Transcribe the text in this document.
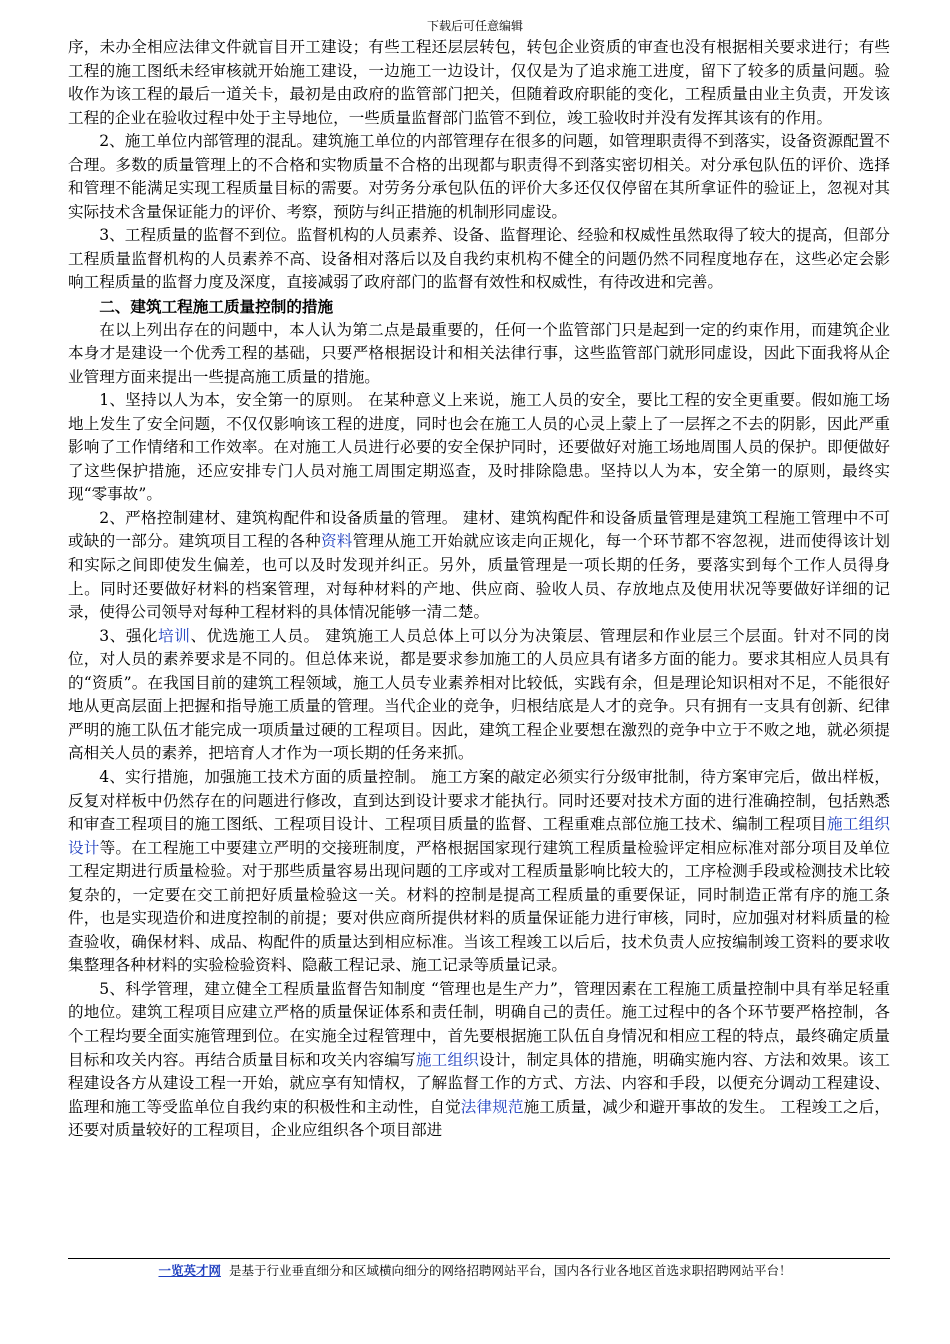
下载后可任意编辑

序，未办全相应法律文件就盲目开工建设；有些工程还层层转包，转包企业资质的审查也没有根据相关要求进行；有些工程的施工图纸未经审核就开始施工建设，一边施工一边设计，仅仅是为了追求施工进度，留下了较多的质量问题。验收作为该工程的最后一道关卡，最初是由政府的监管部门把关，但随着政府职能的变化，工程质量由业主负责，开发该工程的企业在验收过程中处于主导地位，一些质量监督部门监管不到位，竣工验收时并没有发挥其该有的作用。

2、施工单位内部管理的混乱。建筑施工单位的内部管理存在很多的问题，如管理职责得不到落实，设备资源配置不合理。多数的质量管理上的不合格和实物质量不合格的出现都与职责得不到落实密切相关。对分承包队伍的评价、选择和管理不能满足实现工程质量目标的需要。对劳务分承包队伍的评价大多还仅仅停留在其所拿证件的验证上，忽视对其实际技术含量保证能力的评价、考察，预防与纠正措施的机制形同虚设。

3、工程质量的监督不到位。监督机构的人员素养、设备、监督理论、经验和权威性虽然取得了较大的提高，但部分工程质量监督机构的人员素养不高、设备相对落后以及自我约束机构不健全的问题仍然不同程度地存在，这些必定会影响工程质量的监督力度及深度，直接减弱了政府部门的监督有效性和权威性，有待改进和完善。

二、建筑工程施工质量控制的措施

在以上列出存在的问题中，本人认为第二点是最重要的，任何一个监管部门只是起到一定的约束作用，而建筑企业本身才是建设一个优秀工程的基础，只要严格根据设计和相关法律行事，这些监管部门就形同虚设，因此下面我将从企业管理方面来提出一些提高施工质量的措施。

1、坚持以人为本，安全第一的原则。 在某种意义上来说，施工人员的安全，要比工程的安全更重要。假如施工场地上发生了安全问题，不仅仅影响该工程的进度，同时也会在施工人员的心灵上蒙上了一层挥之不去的阴影，因此严重影响了工作情绪和工作效率。在对施工人员进行必要的安全保护同时，还要做好对施工场地周围人员的保护。即便做好了这些保护措施，还应安排专门人员对施工周围定期巡查，及时排除隐患。坚持以人为本，安全第一的原则，最终实现“零事故”。

2、严格控制建材、建筑构配件和设备质量的管理。 建材、建筑构配件和设备质量管理是建筑工程施工管理中不可或缺的一部分。建筑项目工程的各种资料管理从施工开始就应该走向正规化，每一个环节都不容忽视，进而使得该计划和实际之间即使发生偏差，也可以及时发现并纠正。另外，质量管理是一项长期的任务，要落实到每个工作人员得身上。同时还要做好材料的档案管理，对每种材料的产地、供应商、验收人员、存放地点及使用状况等要做好详细的记录，使得公司领导对每种工程材料的具体情况能够一清二楚。

3、强化培训、优选施工人员。 建筑施工人员总体上可以分为决策层、管理层和作业层三个层面。针对不同的岗位，对人员的素养要求是不同的。但总体来说，都是要求参加施工的人员应具有诸多方面的能力。要求其相应人员具有的“资质”。在我国目前的建筑工程领域，施工人员专业素养相对比较低，实践有余，但是理论知识相对不足，不能很好地从更高层面上把握和指导施工质量的管理。当代企业的竞争，归根结底是人才的竞争。只有拥有一支具有创新、纪律严明的施工队伍才能完成一项质量过硬的工程项目。因此，建筑工程企业要想在激烈的竞争中立于不败之地，就必须提高相关人员的素养，把培育人才作为一项长期的任务来抓。

4、实行措施，加强施工技术方面的质量控制。 施工方案的敲定必须实行分级审批制，待方案审完后，做出样板，反复对样板中仍然存在的问题进行修改，直到达到设计要求才能执行。同时还要对技术方面的进行准确控制，包括熟悉和审查工程项目的施工图纸、工程项目设计、工程项目质量的监督、工程重难点部位施工技术、编制工程项目施工组织设计等。在工程施工中要建立严明的交接班制度，严格根据国家现行建筑工程质量检验评定相应标准对部分项目及单位工程定期进行质量检验。对于那些质量容易出现问题的工序或对工程质量影响比较大的，工序检测手段或检测技术比较复杂的，一定要在交工前把好质量检验这一关。材料的控制是提高工程质量的重要保证，同时制造正常有序的施工条件，也是实现造价和进度控制的前提；要对供应商所提供材料的质量保证能力进行审核，同时，应加强对材料质量的检查验收，确保材料、成品、构配件的质量达到相应标准。当该工程竣工以后后，技术负责人应按编制竣工资料的要求收集整理各种材料的实验检验资料、隐蔽工程记录、施工记录等质量记录。

5、科学管理，建立健全工程质量监督告知制度 “管理也是生产力”，管理因素在工程施工质量控制中具有举足轻重的地位。建筑工程项目应建立严格的质量保证体系和责任制，明确自己的责任。施工过程中的各个环节要严格控制，各个工程均要全面实施管理到位。在实施全过程管理中，首先要根据施工队伍自身情况和相应工程的特点，最终确定质量目标和攻关内容。再结合质量目标和攻关内容编写施工组织设计，制定具体的措施，明确实施内容、方法和效果。该工程建设各方从建设工程一开始，就应享有知情权，了解监督工作的方式、方法、内容和手段，以便充分调动工程建设、监理和施工等受监单位自我约束的积极性和主动性，自觉法律规范施工质量，减少和避开事故的发生。 工程竣工之后，还要对质量较好的工程项目，企业应组织各个项目部进

一览英才网 是基于行业垂直细分和区域横向细分的网络招聘网站平台，国内各行业各地区首选求职招聘网站平台！
